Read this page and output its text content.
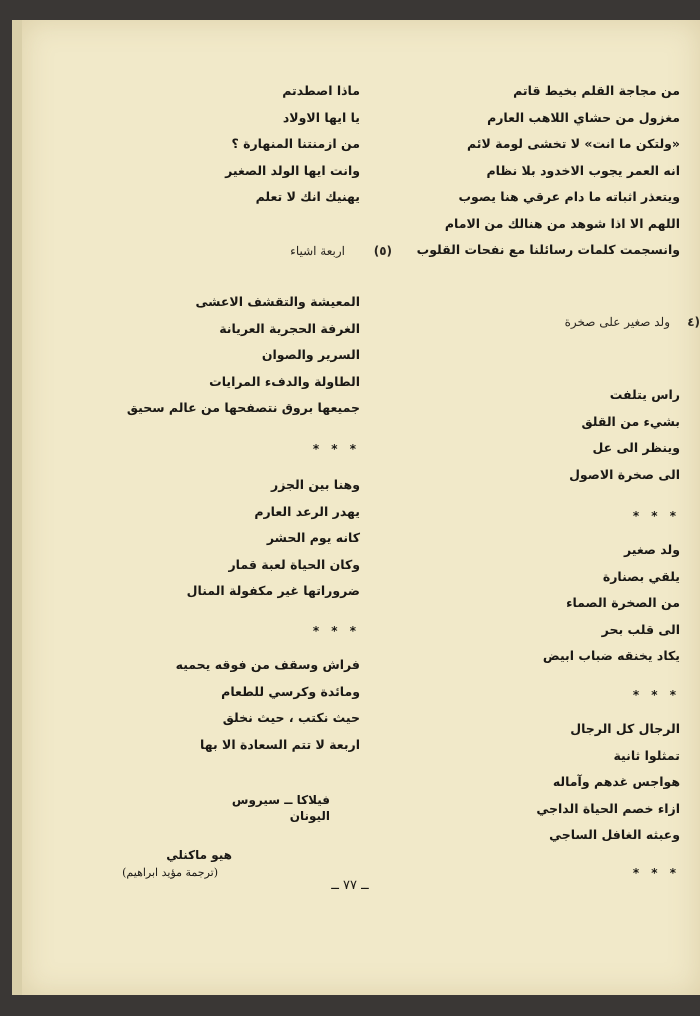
من مجاجة القلم بخيط قاتم
مغزول من حشاي اللاهب العارم
«ولتكن ما انت» لا تخشى لومة لائم
انه العمر يجوب الاخدود بلا نظام
ويتعذر اثباته ما دام عرقي هنا يصوب
اللهم الا اذا شوهد من هنالك من الامام
وانسجمت كلمات رسائلنا مع نفحات القلوب
(٤
ولد صغير على صخرة
راس يتلفت
بشيء من القلق
وينظر الى عل
الى صخرة الاصول
* * *
ولد صغير
يلقي بصنارة
من الصخرة الصماء
الى قلب بحر
يكاد يخنقه ضباب ابيض
* * *
الرجال كل الرجال
تمثلوا ثانية
هواجس غدهم وآماله
ازاء خصم الحياة الداجي
وعبثه الغافل الساجي
* * *
ماذا اصطدتم
يا ايها الاولاد
من ازمنتنا المنهارة ؟
وانت ايها الولد الصغير
يهنيك انك لا تعلم
(٥)
اربعة اشياء
المعيشة والتقشف الاعشى
الغرفة الحجرية العريانة
السرير والصوان
الطاولة والدفء المرايات
جميعها بروق نتصفحها من عالم سحيق
* * *
وهنا بين الجزر
يهدر الرعد العارم
كانه يوم الحشر
وكان الحياة لعبة قمار
ضروراتها غير مكفولة المنال
* * *
فراش وسقف من فوقه يحميه
ومائدة وكرسي للطعام
حيث نكتب ، حيث نخلق
اربعة لا تتم السعادة الا بها
فيلاكا ــ سيروس
اليونان
هيو ماكنلي
(ترجمة مؤيد ابراهيم)
ــ ٧٧ ــ
